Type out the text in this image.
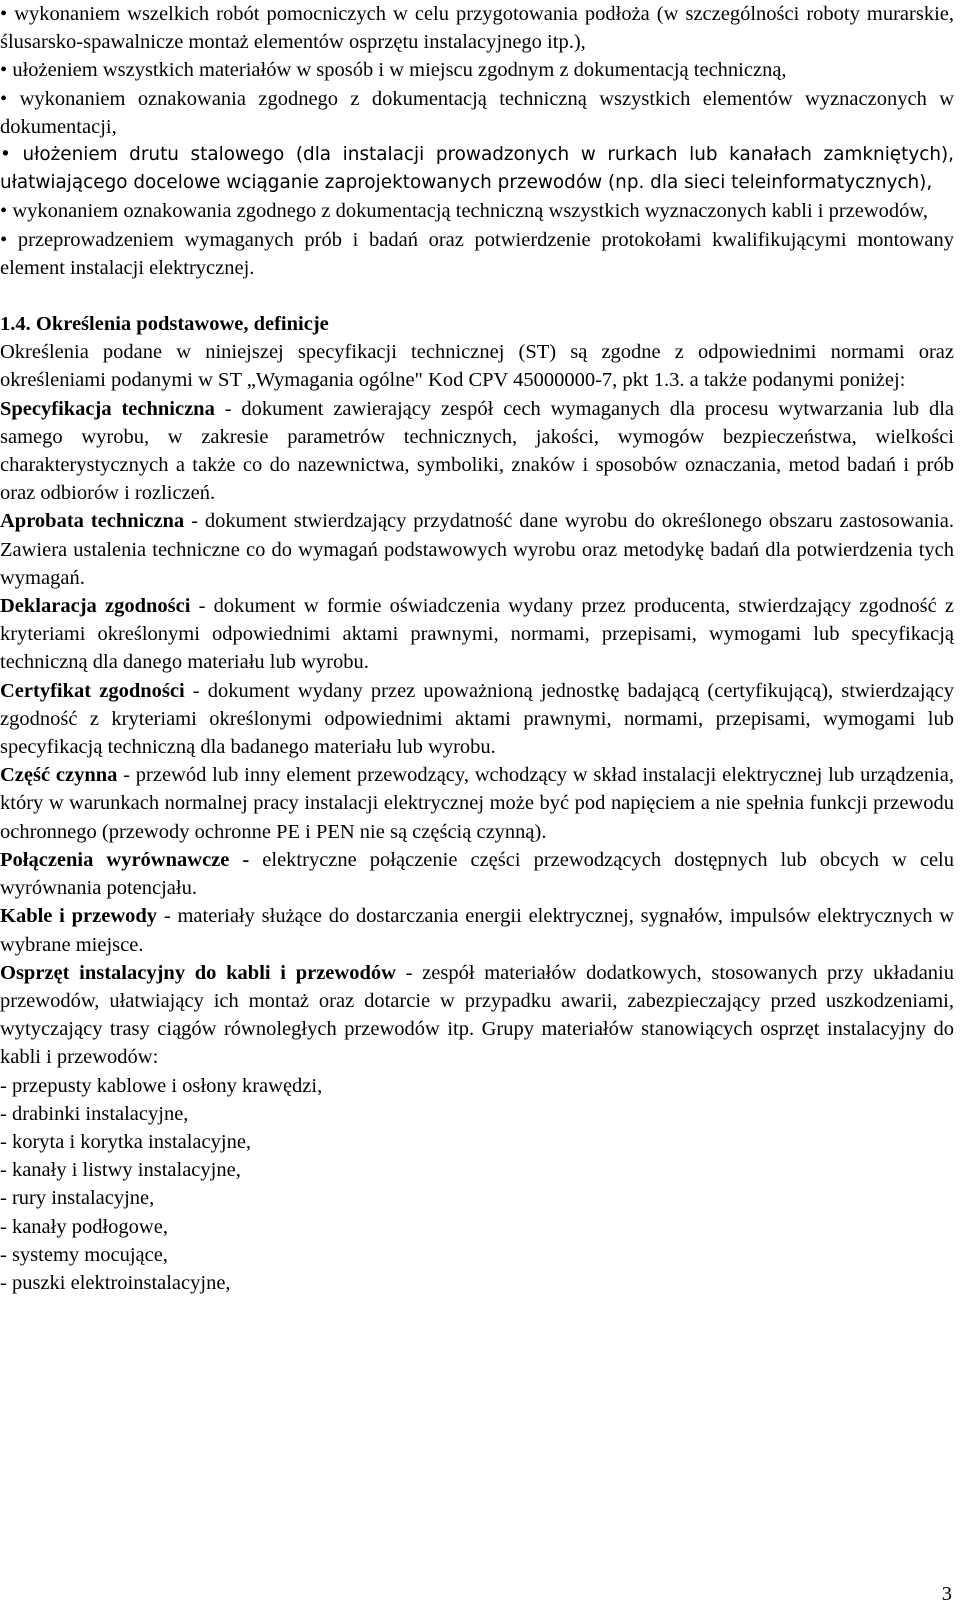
• wykonaniem wszelkich robót pomocniczych w celu przygotowania podłoża (w szczególności roboty murarskie, ślusarsko-spawalnicze montaż elementów osprzętu instalacyjnego itp.),

• ułożeniem wszystkich materiałów w sposób i w miejscu zgodnym z dokumentacją techniczną,

• wykonaniem oznakowania zgodnego z dokumentacją techniczną wszystkich elementów wyznaczonych w dokumentacji,

• ułożeniem drutu stalowego (dla instalacji prowadzonych w rurkach lub kanałach zamkniętych), ułatwiającego docelowe wciąganie zaprojektowanych przewodów (np. dla sieci teleinformatycznych),

• wykonaniem oznakowania zgodnego z dokumentacją techniczną wszystkich wyznaczonych kabli i przewodów,

• przeprowadzeniem wymaganych prób i badań oraz potwierdzenie protokołami kwalifikującymi montowany element instalacji elektrycznej.

1.4. Określenia podstawowe, definicje

Określenia podane w niniejszej specyfikacji technicznej (ST) są zgodne z odpowiednimi normami oraz określeniami podanymi w ST „Wymagania ogólne" Kod CPV 45000000-7, pkt 1.3. a także podanymi poniżej:

Specyfikacja techniczna - dokument zawierający zespół cech wymaganych dla procesu wytwarzania lub dla samego wyrobu, w zakresie parametrów technicznych, jakości, wymogów bezpieczeństwa, wielkości charakterystycznych a także co do nazewnictwa, symboliki, znaków i sposobów oznaczania, metod badań i prób oraz odbiorów i rozliczeń.

Aprobata techniczna - dokument stwierdzający przydatność dane wyrobu do określonego obszaru zastosowania. Zawiera ustalenia techniczne co do wymagań podstawowych wyrobu oraz metodykę badań dla potwierdzenia tych wymagań.

Deklaracja zgodności - dokument w formie oświadczenia wydany przez producenta, stwierdzający zgodność z kryteriami określonymi odpowiednimi aktami prawnymi, normami, przepisami, wymogami lub specyfikacją techniczną dla danego materiału lub wyrobu.

Certyfikat zgodności - dokument wydany przez upoważnioną jednostkę badającą (certyfikującą), stwierdzający zgodność z kryteriami określonymi odpowiednimi aktami prawnymi, normami, przepisami, wymogami lub specyfikacją techniczną dla badanego materiału lub wyrobu.

Część czynna - przewód lub inny element przewodzący, wchodzący w skład instalacji elektrycznej lub urządzenia, który w warunkach normalnej pracy instalacji elektrycznej może być pod napięciem a nie spełnia funkcji przewodu ochronnego (przewody ochronne PE i PEN nie są częścią czynną).

Połączenia wyrównawcze - elektryczne połączenie części przewodzących dostępnych lub obcych w celu wyrównania potencjału.

Kable i przewody - materiały służące do dostarczania energii elektrycznej, sygnałów, impulsów elektrycznych w wybrane miejsce.

Osprzęt instalacyjny do kabli i przewodów - zespół materiałów dodatkowych, stosowanych przy układaniu przewodów, ułatwiający ich montaż oraz dotarcie w przypadku awarii, zabezpieczający przed uszkodzeniami, wytyczający trasy ciągów równoległych przewodów itp. Grupy materiałów stanowiących osprzęt instalacyjny do kabli i przewodów:

- przepusty kablowe i osłony krawędzi,

- drabinki instalacyjne,

- koryta i korytka instalacyjne,

- kanały i listwy instalacyjne,

- rury instalacyjne,

- kanały podłogowe,

- systemy mocujące,

- puszki elektroinstalacyjne,

3
